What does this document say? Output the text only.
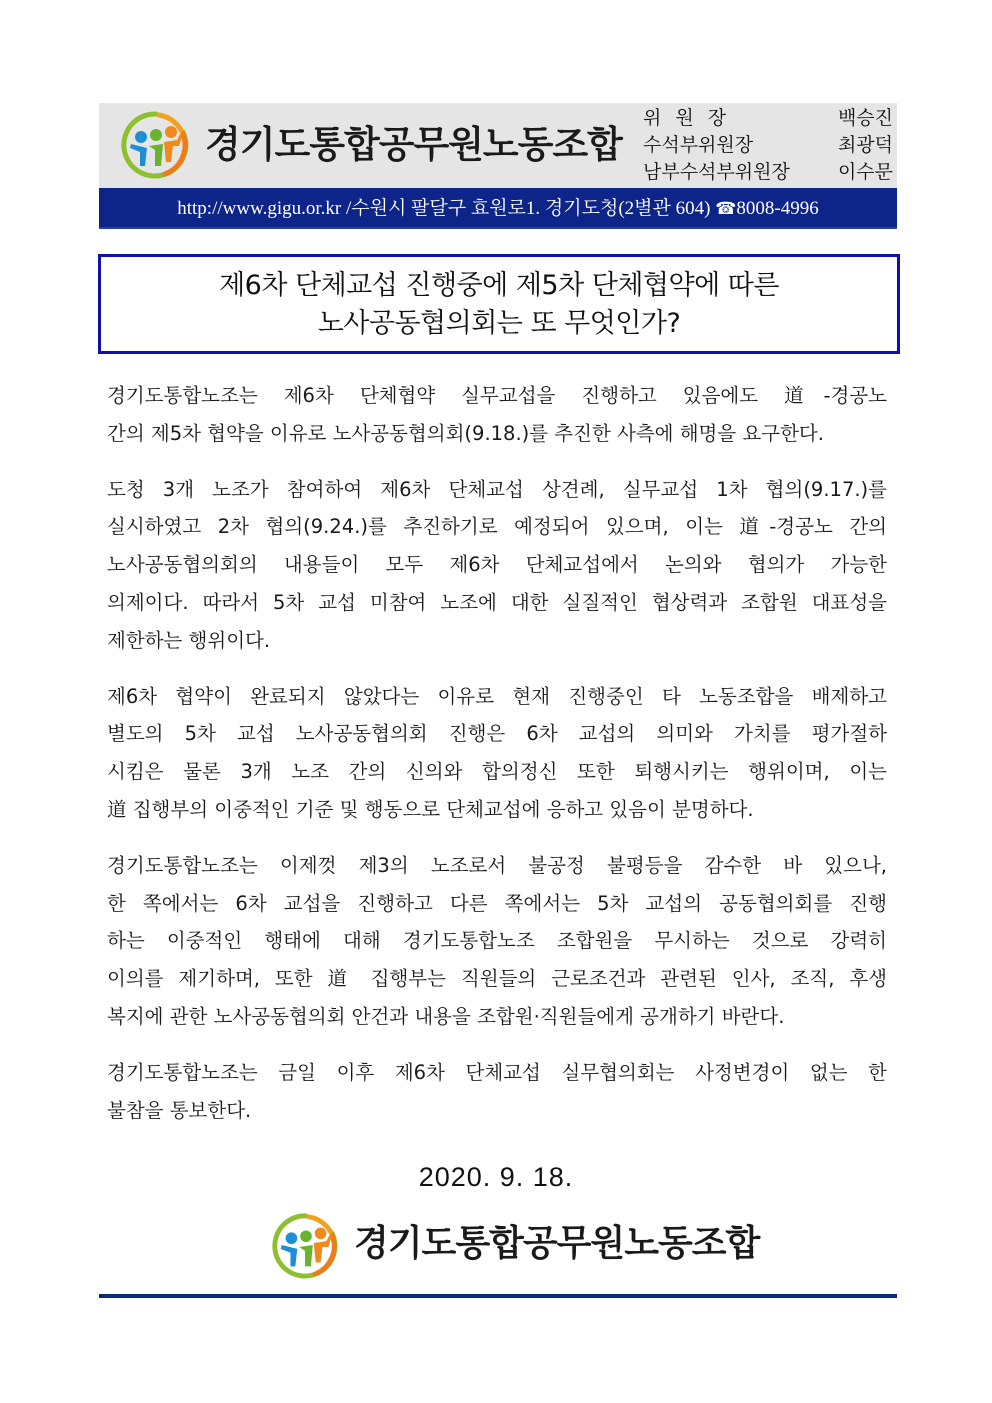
경기도통합공무원노동조합
위원장	백승진
수석부위원장	최광덕
남부수석부위원장	이수문
http://www.gigu.or.kr /수원시 팔달구 효원로1. 경기도청(2별관 604) ☎8008-4996
제6차 단체교섭 진행중에 제5차 단체협약에 따른
노사공동협의회는 또 무엇인가?

경기도통합노조는 제6차 단체협약 실무교섭을 진행하고 있음에도 道-경공노
간의 제5차 협약을 이유로 노사공동협의회(9.18.)를 추진한 사측에 해명을 요구한다.

도청 3개 노조가 참여하여 제6차 단체교섭 상견례, 실무교섭 1차 협의(9.17.)를
실시하였고 2차 협의(9.24.)를 추진하기로 예정되어 있으며, 이는 道-경공노 간의
노사공동협의회의 내용들이 모두 제6차 단체교섭에서 논의와 협의가 가능한
의제이다. 따라서 5차 교섭 미참여 노조에 대한 실질적인 협상력과 조합원 대표성을
제한하는 행위이다.

제6차 협약이 완료되지 않았다는 이유로 현재 진행중인 타 노동조합을 배제하고
별도의 5차 교섭 노사공동협의회 진행은 6차 교섭의 의미와 가치를 평가절하
시킴은 물론 3개 노조 간의 신의와 합의정신 또한 퇴행시키는 행위이며, 이는
道 집행부의 이중적인 기준 및 행동으로 단체교섭에 응하고 있음이 분명하다.

경기도통합노조는 이제껏 제3의 노조로서 불공정 불평등을 감수한 바 있으나,
한 쪽에서는 6차 교섭을 진행하고 다른 쪽에서는 5차 교섭의 공동협의회를 진행
하는 이중적인 행태에 대해 경기도통합노조 조합원을 무시하는 것으로 강력히
이의를 제기하며, 또한 道 집행부는 직원들의 근로조건과 관련된 인사, 조직, 후생
복지에 관한 노사공동협의회 안건과 내용을 조합원·직원들에게 공개하기 바란다.

경기도통합노조는 금일 이후 제6차 단체교섭 실무협의회는 사정변경이 없는 한
불참을 통보한다.

2020. 9. 18.
경기도통합공무원노동조합
